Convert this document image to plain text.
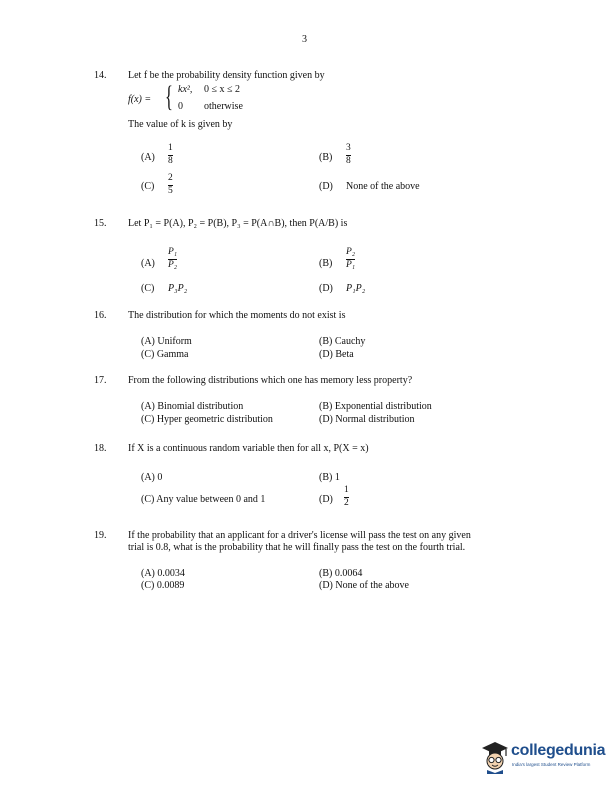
3
14. Let f be the probability density function given by
f(x) = { kx², 0 ≤ x ≤ 2
0 otherwise
The value of k is given by
(A)
1
8	(B)
3
8
(C)
2
5	(D) None of the above
15. Let P₁ = P(A), P₂ = P(B), P₃ = P(A∩B), then P(A/B) is
(A)
P₁
P₂	(B)
P₂
P₁
(C) P₃P₂	(D) P₁P₂
16. The distribution for which the moments do not exist is
(A) Uniform	(B) Cauchy
(C) Gamma	(D) Beta
17. From the following distributions which one has memory less property?
(A) Binomial distribution	(B) Exponential distribution
(C) Hyper geometric distribution	(D) Normal distribution
18. If X is a continuous random variable then for all x, P(X = x)
(A) 0	(B) 1
(C) Any value between 0 and 1	(D)
1
2
19. If the probability that an applicant for a driver's license will pass the test on any given
trial is 0.8, what is the probability that he will finally pass the test on the fourth trial.
(A) 0.0034	(B) 0.0064
(C) 0.0089	(D) None of the above
collegedunia
India's largest Student Review Platform
